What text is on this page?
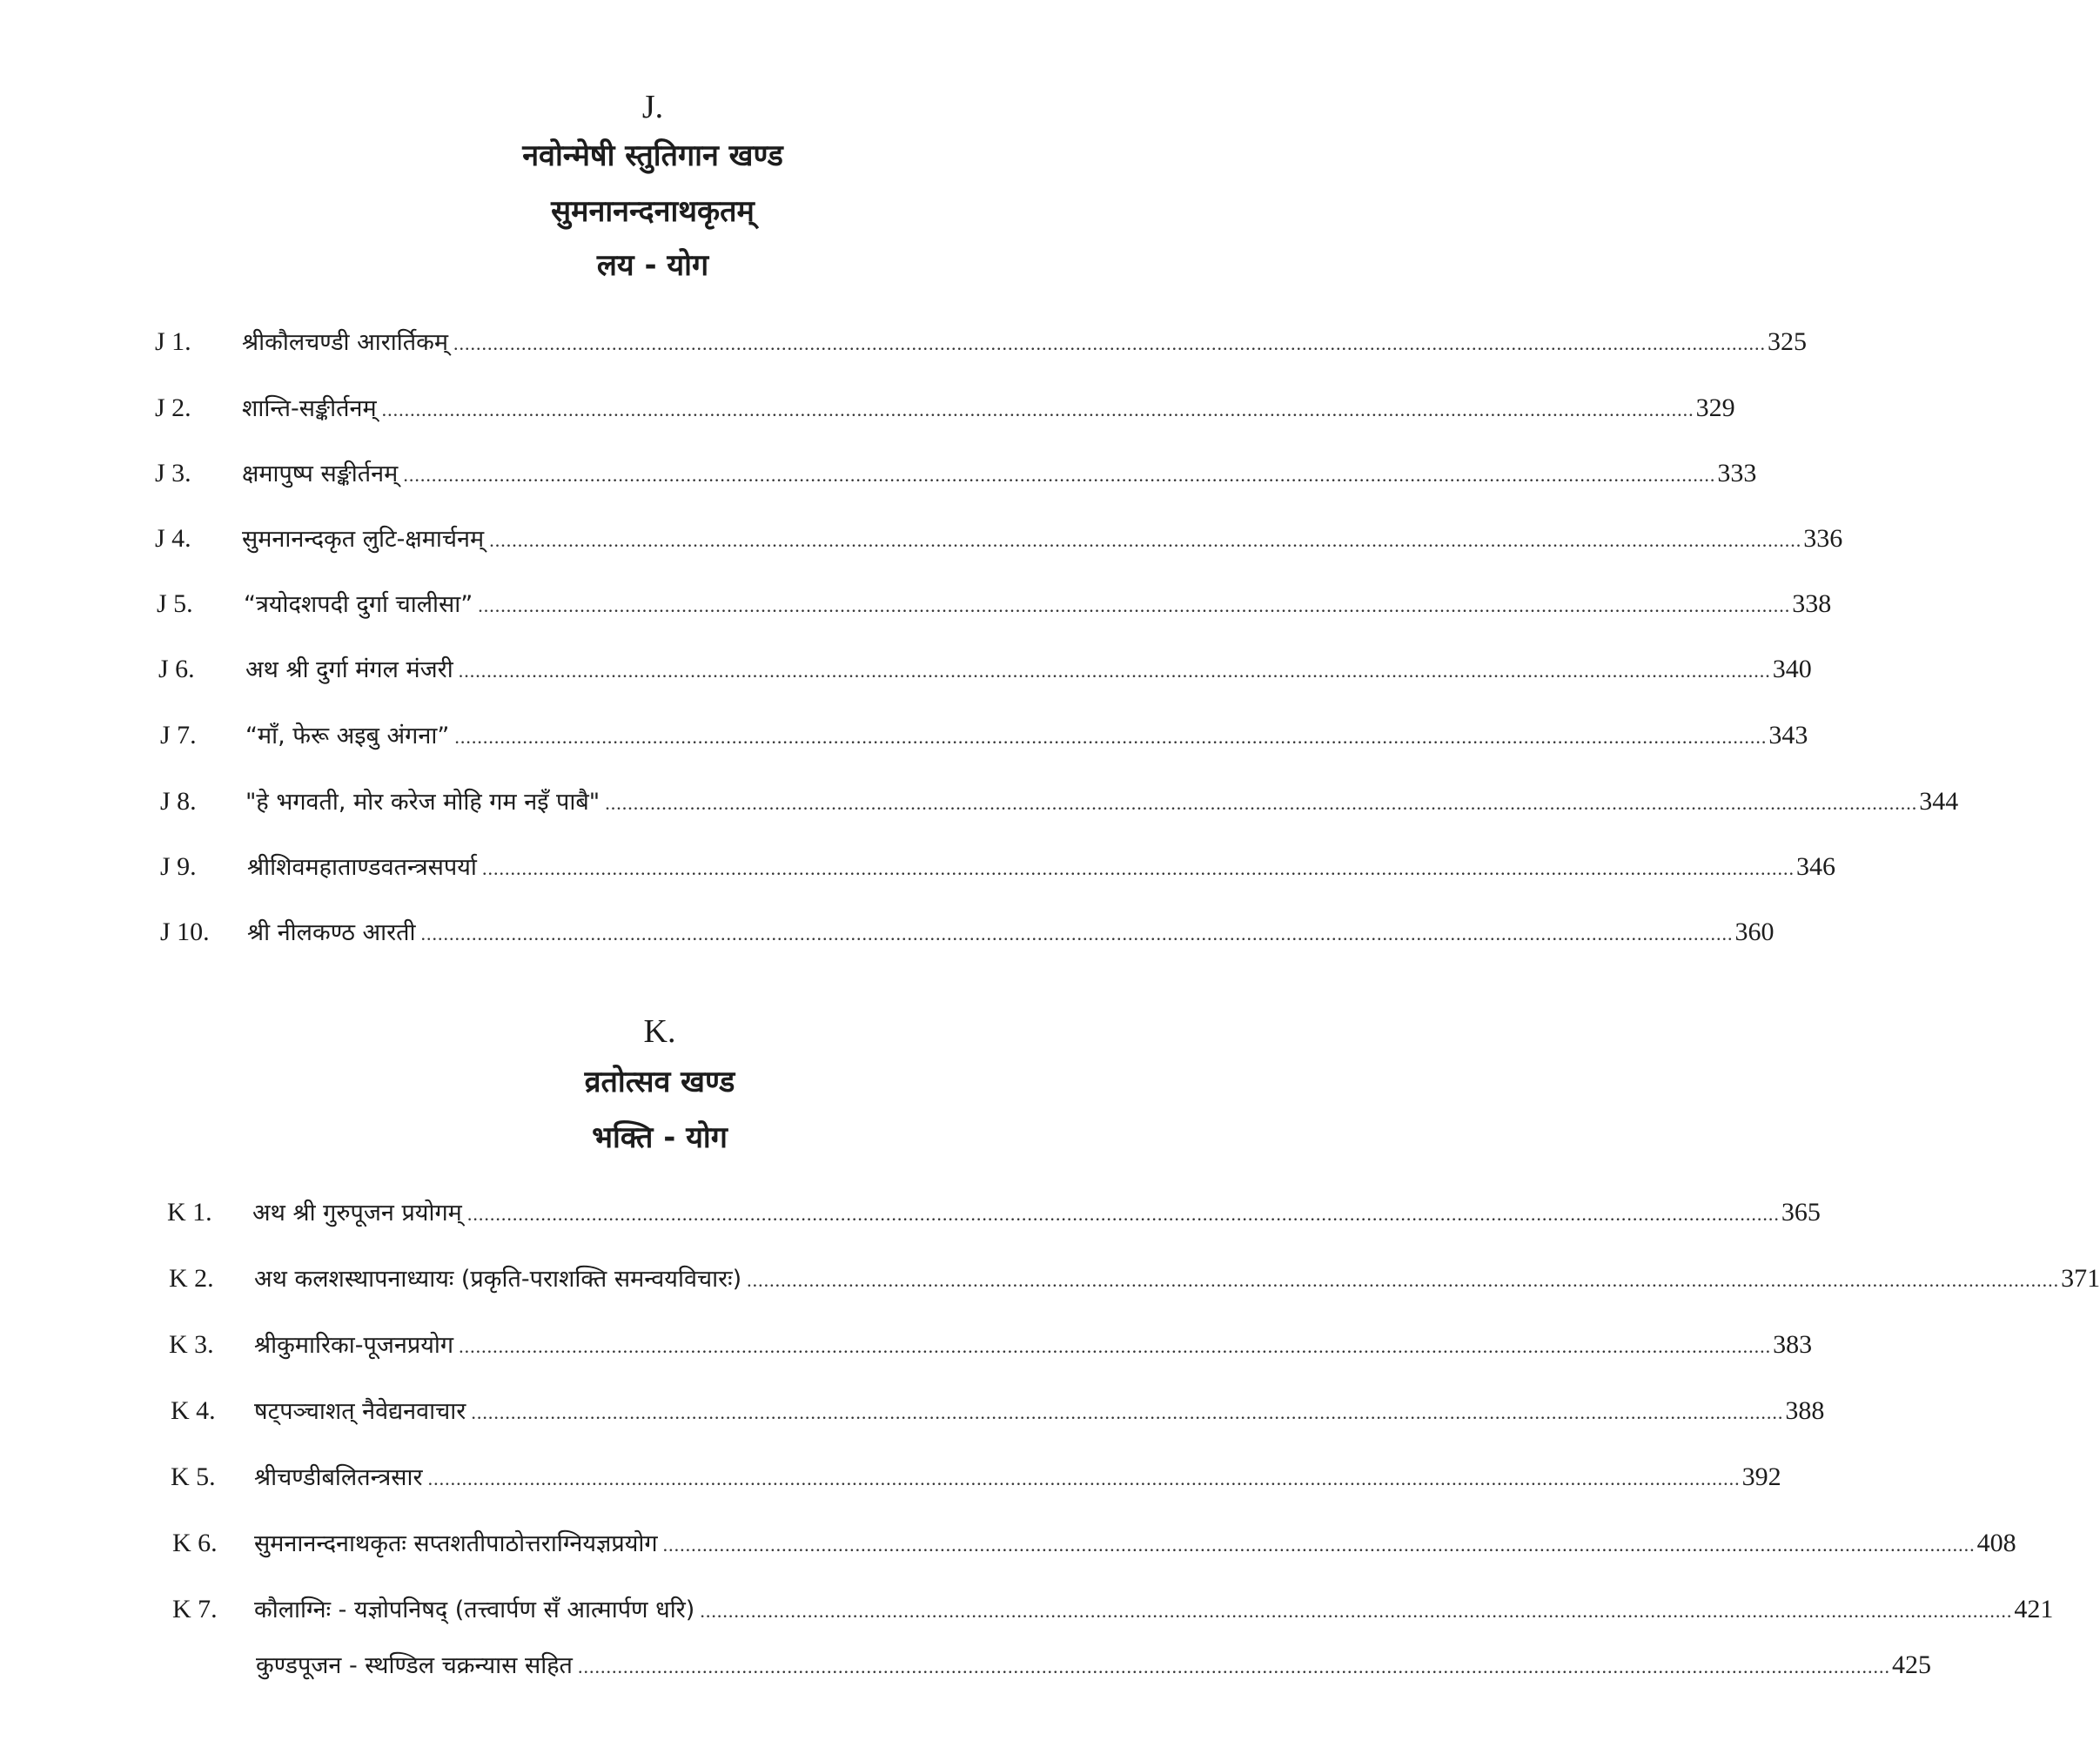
J.
नवोन्मेषी स्तुतिगान खण्ड
सुमनानन्दनाथकृतम्
लय - योग
J 1.	श्रीकौलचण्डी आरार्तिकम् ........................................................................................................................................................................................................................................ 325
J 2.	शान्ति-सङ्कीर्तनम् ........................................................................................................................................................................................................................................ 329
J 3.	क्षमापुष्प सङ्कीर्तनम् ........................................................................................................................................................................................................................................ 333
J 4.	सुमनानन्दकृत लुटि-क्षमार्चनम् ........................................................................................................................................................................................................................................ 336
J 5.	“त्रयोदशपदी दुर्गा चालीसा” ........................................................................................................................................................................................................................................ 338
J 6.	अथ श्री दुर्गा मंगल मंजरी ........................................................................................................................................................................................................................................ 340
J 7.	“माँ, फेरू अइबु अंगना” ........................................................................................................................................................................................................................................ 343
J 8.	"हे भगवती, मोर करेज मोहि गम नइँ पाबै" ........................................................................................................................................................................................................................................ 344
J 9.	श्रीशिवमहाताण्डवतन्त्रसपर्या ........................................................................................................................................................................................................................................ 346
J 10.	श्री नीलकण्ठ आरती ........................................................................................................................................................................................................................................ 360
K.
व्रतोत्सव खण्ड
भक्ति - योग
K 1.	अथ श्री गुरुपूजन प्रयोगम् ........................................................................................................................................................................................................................................ 365
K 2.	अथ कलशस्थापनाध्यायः (प्रकृति-पराशक्ति समन्वयविचारः) ........................................................................................................................................................................................................................................ 371
K 3.	श्रीकुमारिका-पूजनप्रयोग ........................................................................................................................................................................................................................................ 383
K 4.	षट्पञ्चाशत् नैवेद्यनवाचार ........................................................................................................................................................................................................................................ 388
K 5.	श्रीचण्डीबलितन्त्रसार ........................................................................................................................................................................................................................................ 392
K 6.	सुमनानन्दनाथकृतः सप्तशतीपाठोत्तराग्नियज्ञप्रयोग ........................................................................................................................................................................................................................................ 408
K 7.	कौलाग्निः - यज्ञोपनिषद् (तत्त्वार्पण सँ आत्मार्पण धरि) ........................................................................................................................................................................................................................................ 421
कुण्डपूजन - स्थण्डिल चक्रन्यास सहित ........................................................................................................................................................................................................................................ 425
